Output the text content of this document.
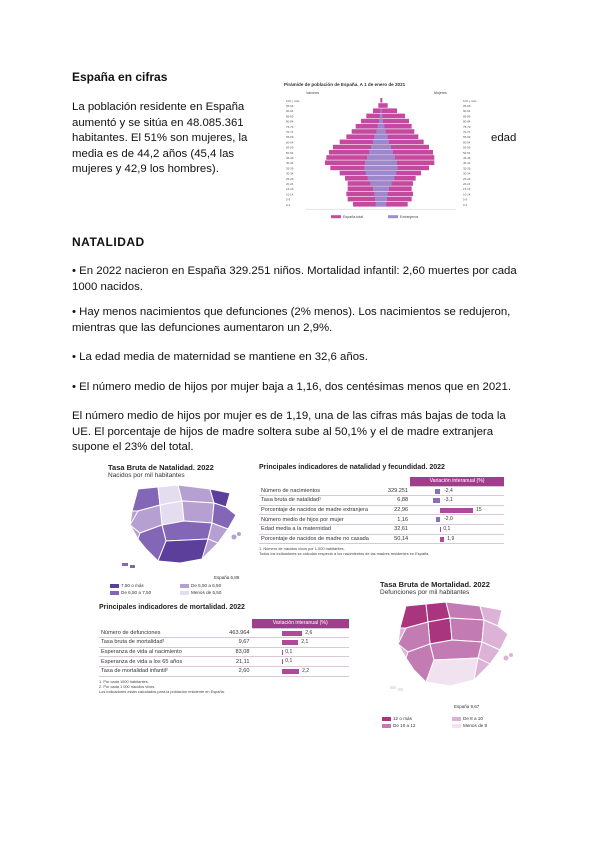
España en cifras
La población residente en España aumentó y se sitúa en 48.085.361 habitantes. El 51% son mujeres, la media es de 44,2 años (45,4 las mujeres y 42,9 los hombres).
Pirámide de población de España. A 1 de enero de 2021
Varones	Mujeres
100 y más	100 y más
95-99	95-99
90-94	90-94
85-89	85-89
80-84	80-84
75-79	75-79
70-74	70-74
65-69	65-69
60-64	60-64
55-59	55-59
50-54	50-54
45-49	45-49
40-44	40-44
35-39	35-39
30-34	30-34
25-29	25-29
20-24	20-24
15-19	15-19
10-14	10-14
5-9	5-9
0-4	0-4
España-total	Extranjeros
edad
NATALIDAD
• En 2022 nacieron en España 329.251 niños. Mortalidad infantil: 2,60 muertes por cada 1000 nacidos.
• Hay menos nacimientos que defunciones (2% menos). Los nacimientos se redujeron, mientras que las defunciones aumentaron un 2,9%.
• La edad media de maternidad se mantiene en 32,6 años.
• El número medio de hijos por mujer baja a 1,16, dos centésimas menos que en 2021.
El número medio de hijos por mujer es de 1,19, una de las cifras más bajas de toda la UE. El porcentaje de hijos de madre soltera sube al 50,1% y el de madre extranjera supone el 23% del total.
Tasa Bruta de Natalidad. 2022
Nacidos por mil habitantes
España 6,88
7,50 o más	De 5,50 a 6,50
De 6,50 a 7,50	Menos de 5,50
Principales indicadores de natalidad y fecundidad. 2022
		Variación interanual (%)
Número de nacimientos	329.251	-2,4

Tasa bruta de natalidad¹	6,88	-3,1

Porcentaje de nacidos de madre extranjera	22,96	15

Número medio de hijos por mujer	1,16	-2,0

Edad media a la maternidad	32,61	0,1

Porcentaje de nacidos de madre no casada	50,14	1,9
1. Número de nacidos vivos por 1.000 habitantes.
Todos los indicadores se calculan respecto a los nacimientos de las madres residentes en España.
Principales indicadores de mortalidad. 2022
		Variación interanual (%)
Número de defunciones	463.964	2,6

Tasa bruta de mortalidad¹	9,67	2,1

Esperanza de vida al nacimiento	83,08	0,1

Esperanza de vida a los 65 años	21,11	0,1

Tasa de mortalidad infantil²	2,60	2,2
1. Por cada 1000 habitantes.
2. Por cada 1 000 nacidos vivos.
Los indicadores están calculados para la población residente en España.
Tasa Bruta de Mortalidad. 2022
Defunciones por mil habitantes
España 9,67
12 o más	De 8 a 10
De 10 a 12	Menos de 8
